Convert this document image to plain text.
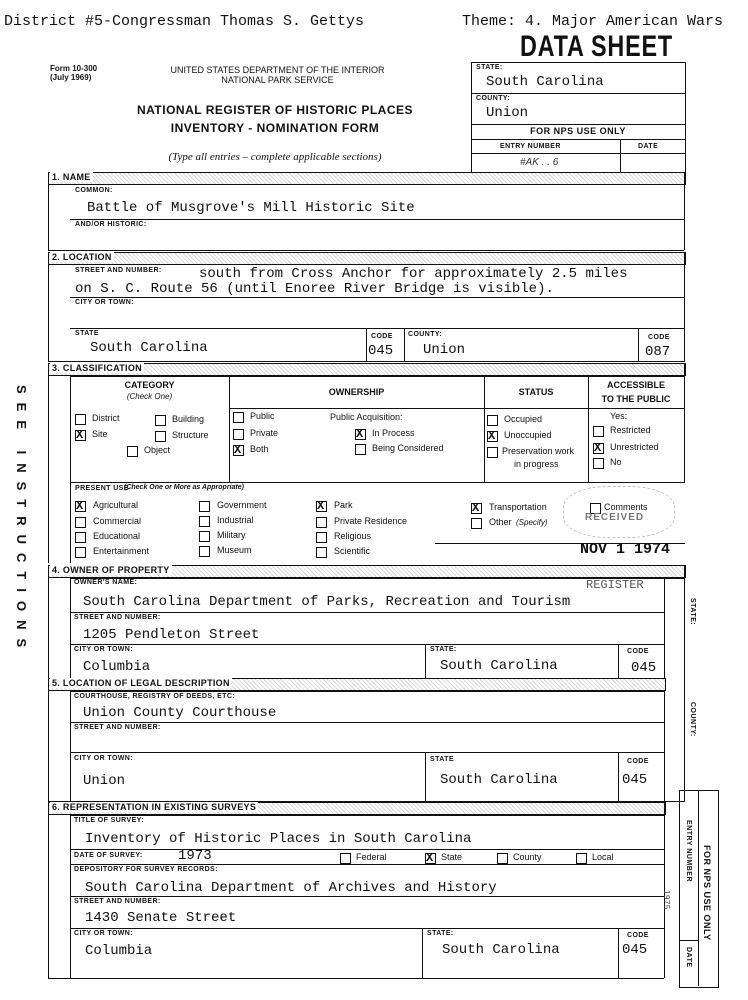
District #5-Congressman Thomas S. Gettys	Theme: 4. Major American Wars
DATA SHEET
Form 10-300
(July 1969)
UNITED STATES DEPARTMENT OF THE INTERIOR
NATIONAL PARK SERVICE
NATIONAL REGISTER OF HISTORIC PLACES
INVENTORY - NOMINATION FORM
(Type all entries – complete applicable sections)
STATE:
South Carolina
COUNTY:
Union
FOR NPS USE ONLY
ENTRY NUMBER	DATE
#AK . . 6
SEE INSTRUCTIONS
1. NAME
COMMON:
Battle of Musgrove's Mill Historic Site
AND/OR HISTORIC:
2. LOCATION
STREET AND NUMBER:	south from Cross Anchor for approximately 2.5 miles
on S. C. Route 56 (until Enoree River Bridge is visible).
CITY OR TOWN:
STATE
South Carolina
CODE
045
COUNTY:
Union
CODE
087
3. CLASSIFICATION
CATEGORY
(Check One)	OWNERSHIP	STATUS
ACCESSIBLE
TO THE PUBLIC
District	Building
X
Site	Structure
Object
Public
Private
X
Both
Public Acquisition:
X
In Process
Being Considered
Occupied
X
Unoccupied
Preservation work
in progress
Yes:
Restricted
X
Unrestricted
No
PRESENT USE
(Check One or More as Appropriate)
X
Agricultural
Commercial
Educational
Entertainment
Government
Industrial
Military
Museum
X
Park
Private Residence
Religious
Scientific
X
Transportation
Other (Specify)
Comments
RECEIVED
NOV 1 1974
REGISTER
4. OWNER OF PROPERTY
OWNER'S NAME:
South Carolina Department of Parks, Recreation and Tourism
STREET AND NUMBER:
1205 Pendleton Street
CITY OR TOWN:
Columbia
STATE:
South Carolina
CODE
045
STATE:
5. LOCATION OF LEGAL DESCRIPTION
COURTHOUSE, REGISTRY OF DEEDS, ETC:
Union County Courthouse
STREET AND NUMBER:
CITY OR TOWN:
Union
STATE
South Carolina
CODE
045
COUNTY:
6. REPRESENTATION IN EXISTING SURVEYS
TITLE OF SURVEY:
Inventory of Historic Places in South Carolina
DATE OF SURVEY:	1973	Federal
X	State	County	Local
DEPOSITORY FOR SURVEY RECORDS:
South Carolina Department of Archives and History
STREET AND NUMBER:
1430 Senate Street
CITY OR TOWN:
Columbia
STATE:
South Carolina
CODE
045
ENTRY NUMBER
DATE
FOR NPS USE ONLY
1975
